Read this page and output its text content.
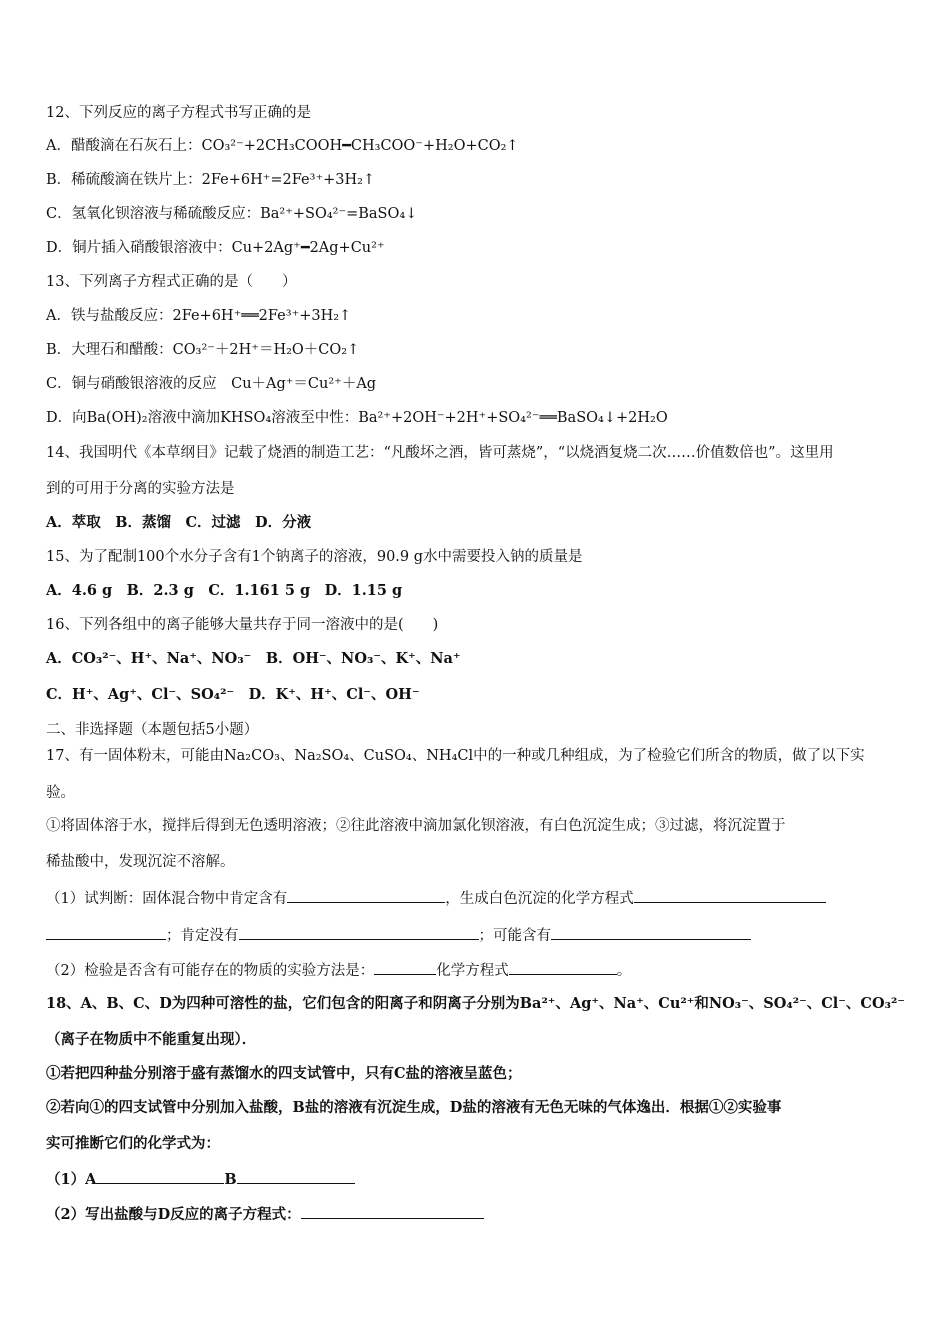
12、下列反应的离子方程式书写正确的是
A．醋酸滴在石灰石上：CO₃²⁻+2CH₃COOH━CH₃COO⁻+H₂O+CO₂↑
B．稀硫酸滴在铁片上：2Fe+6H⁺=2Fe³⁺+3H₂↑
C．氢氧化钡溶液与稀硫酸反应：Ba²⁺+SO₄²⁻=BaSO₄↓
D．铜片插入硝酸银溶液中：Cu+2Ag⁺━2Ag+Cu²⁺
13、下列离子方程式正确的是（　　）
A．铁与盐酸反应：2Fe+6H⁺══2Fe³⁺+3H₂↑
B．大理石和醋酸：CO₃²⁻＋2H⁺＝H₂O＋CO₂↑
C．铜与硝酸银溶液的反应　Cu＋Ag⁺＝Cu²⁺＋Ag
D．向Ba(OH)₂溶液中滴加KHSO₄溶液至中性：Ba²⁺+2OH⁻+2H⁺+SO₄²⁻══BaSO₄↓+2H₂O
14、我国明代《本草纲目》记载了烧酒的制造工艺：“凡酸坏之酒，皆可蒸烧”，“以烧酒复烧二次……价值数倍也”。这里用
到的可用于分离的实验方法是
A．萃取　B．蒸馏　C．过滤　D．分液
15、为了配制100个水分子含有1个钠离子的溶液，90.9 g水中需要投入钠的质量是
A．4.6 g　B．2.3 g　C．1.161 5 g　D．1.15 g
16、下列各组中的离子能够大量共存于同一溶液中的是(　　)
A．CO₃²⁻、H⁺、Na⁺、NO₃⁻　B．OH⁻、NO₃⁻、K⁺、Na⁺
C．H⁺、Ag⁺、Cl⁻、SO₄²⁻　D．K⁺、H⁺、Cl⁻、OH⁻
二、非选择题（本题包括5小题）
17、有一固体粉末，可能由Na₂CO₃、Na₂SO₄、CuSO₄、NH₄Cl中的一种或几种组成，为了检验它们所含的物质，做了以下实
验。
①将固体溶于水，搅拌后得到无色透明溶液；②往此溶液中滴加氯化钡溶液，有白色沉淀生成；③过滤，将沉淀置于
稀盐酸中，发现沉淀不溶解。
（1）试判断：固体混合物中肯定含有	，生成白色沉淀的化学方程式
；肯定没有	；可能含有
（2）检验是否含有可能存在的物质的实验方法是：	化学方程式	。
18、A、B、C、D为四种可溶性的盐，它们包含的阳离子和阴离子分别为Ba²⁺、Ag⁺、Na⁺、Cu²⁺和NO₃⁻、SO₄²⁻、Cl⁻、CO₃²⁻
（离子在物质中不能重复出现）．
①若把四种盐分别溶于盛有蒸馏水的四支试管中，只有C盐的溶液呈蓝色；
②若向①的四支试管中分别加入盐酸，B盐的溶液有沉淀生成，D盐的溶液有无色无味的气体逸出．根据①②实验事
实可推断它们的化学式为：
（1）A	B
（2）写出盐酸与D反应的离子方程式：
